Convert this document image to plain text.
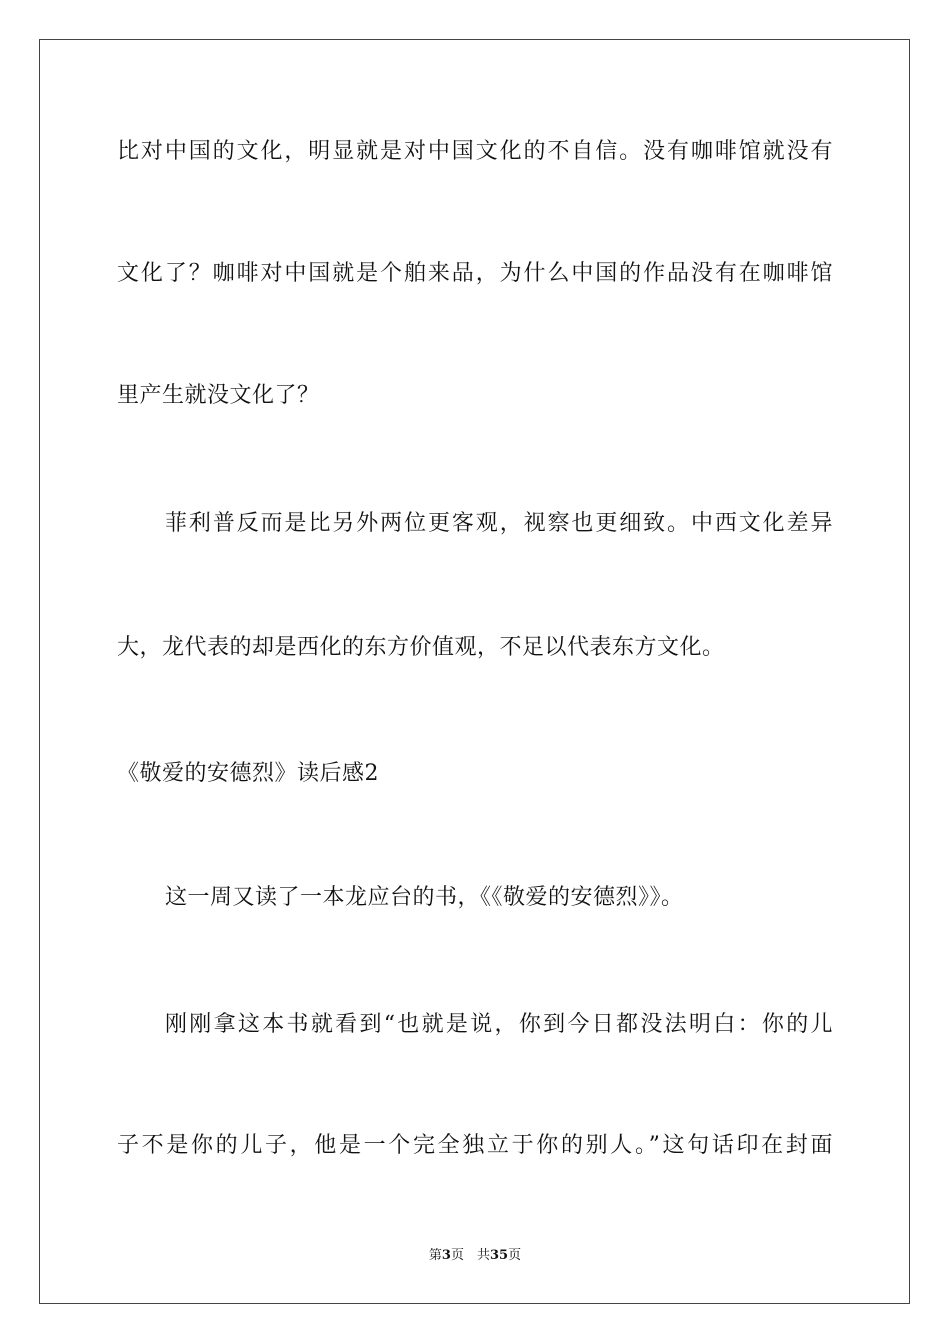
比对中国的文化，明显就是对中国文化的不自信。没有咖啡馆就没有
文化了？咖啡对中国就是个舶来品，为什么中国的作品没有在咖啡馆
里产生就没文化了？
菲利普反而是比另外两位更客观，视察也更细致。中西文化差异
大，龙代表的却是西化的东方价值观，不足以代表东方文化。
《敬爱的安德烈》读后感2
这一周又读了一本龙应台的书，《《敬爱的安德烈》》。
刚刚拿这本书就看到“也就是说，你到今日都没法明白：你的儿
子不是你的儿子，他是一个完全独立于你的别人。”这句话印在封面
第3页　共35页
